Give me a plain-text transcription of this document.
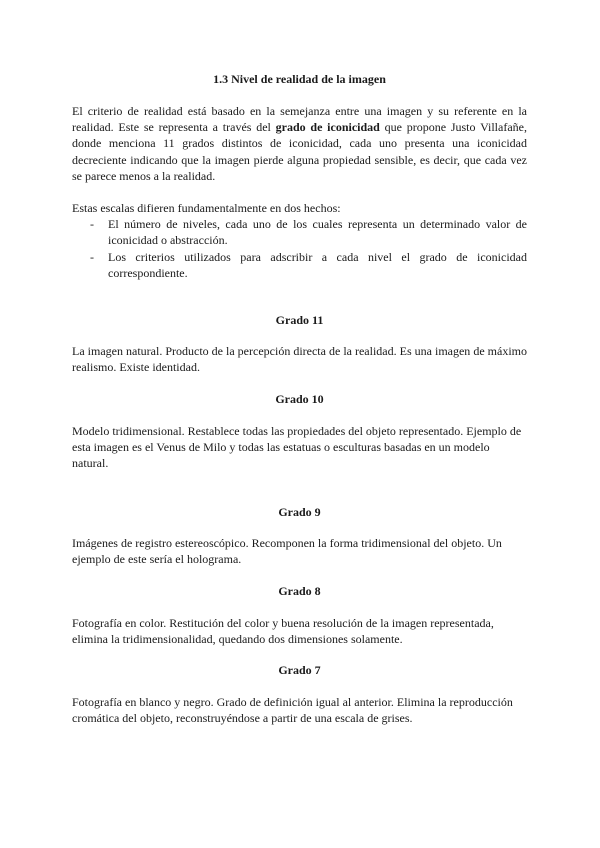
1.3 Nivel de realidad de la imagen

El criterio de realidad está basado en la semejanza entre una imagen y su referente en la realidad. Este se representa a través del grado de iconicidad que propone Justo Villafañe, donde menciona 11 grados distintos de iconicidad, cada uno presenta una iconicidad decreciente indicando que la imagen pierde alguna propiedad sensible, es decir, que cada vez se parece menos a la realidad.

Estas escalas difieren fundamentalmente en dos hechos:

- El número de niveles, cada uno de los cuales representa un determinado valor de iconicidad o abstracción.
- Los criterios utilizados para adscribir a cada nivel el grado de iconicidad correspondiente.
Grado 11

La imagen natural. Producto de la percepción directa de la realidad. Es una imagen de máximo realismo. Existe identidad.

Grado 10

Modelo tridimensional. Restablece todas las propiedades del objeto representado. Ejemplo de esta imagen es el Venus de Milo y todas las estatuas o esculturas basadas en un modelo natural.

Grado 9

Imágenes de registro estereoscópico. Recomponen la forma tridimensional del objeto. Un ejemplo de este sería el holograma.

Grado 8

Fotografía en color. Restitución del color y buena resolución de la imagen representada, elimina la tridimensionalidad, quedando dos dimensiones solamente.

Grado 7

Fotografía en blanco y negro. Grado de definición igual al anterior. Elimina la reproducción cromática del objeto, reconstruyéndose a partir de una escala de grises.
